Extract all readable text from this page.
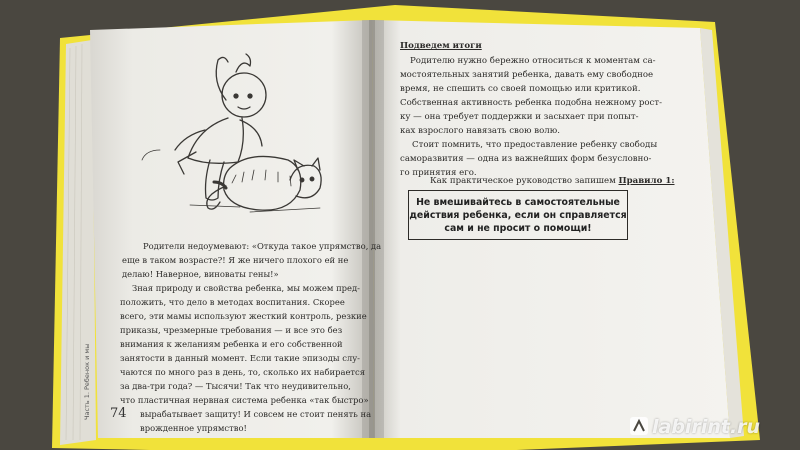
Родители недоумевают: «Откуда такое упрямство, да
еще в таком возрасте?! Я же ничего плохого ей не
делаю! Наверное, виноваты гены!»
Зная природу и свойства ребенка, мы можем пред-
положить, что дело в методах воспитания. Скорее
всего, эти мамы используют жесткий контроль, резкие
приказы, чрезмерные требования — и все это без
внимания к желаниям ребенка и его собственной
занятости в данный момент. Если такие эпизоды слу-
чаются по много раз в день, то, сколько их набирается
за два-три года? — Тысячи! Так что неудивительно,
что пластичная нервная система ребенка «так быстро»
вырабатывает защиту! И совсем не стоит пенять на
врожденное упрямство!
74
Часть 1. Ребенок и мы
Подведем итоги
Родителю нужно бережно относиться к моментам са-
мостоятельных занятий ребенка, давать ему свободное
время, не спешить со своей помощью или критикой.
Собственная активность ребенка подобна нежному рост-
ку — она требует поддержки и засыхает при попыт-
ках взрослого навязать свою волю.
Стоит помнить, что предоставление ребенку свободы
саморазвития — одна из важнейших форм безусловно-
го принятия его.
Как практическое руководство запишем Правило 1:
Не вмешивайтесь в самостоятельные
действия ребенка, если он справляется
сам и не просит о помощи!
labirint.ru
